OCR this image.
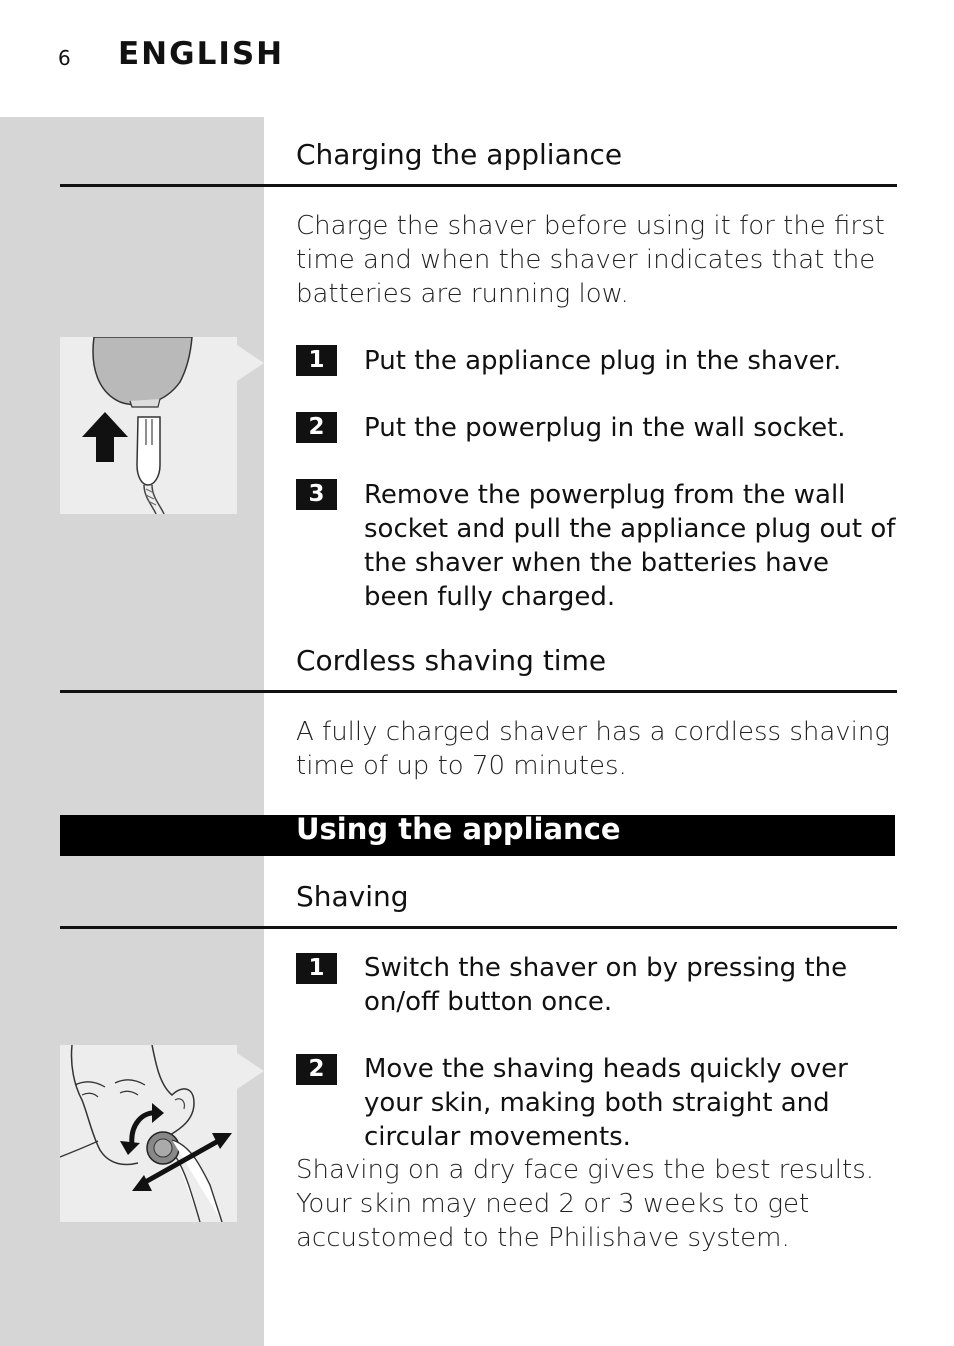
6 ENGLISH
Charging the appliance
Charge the shaver before using it for the first time and when the shaver indicates that the batteries are running low.
1	Put the appliance plug in the shaver.
2	Put the powerplug in the wall socket.
3	Remove the powerplug from the wall socket and pull the appliance plug out of the shaver when the batteries have been fully charged.
Cordless shaving time
A fully charged shaver has a cordless shaving time of up to 70 minutes.
Using the appliance
Shaving
1	Switch the shaver on by pressing the on/off button once.
2	Move the shaving heads quickly over your skin, making both straight and circular movements.
Shaving on a dry face gives the best results. Your skin may need 2 or 3 weeks to get accustomed to the Philishave system.
